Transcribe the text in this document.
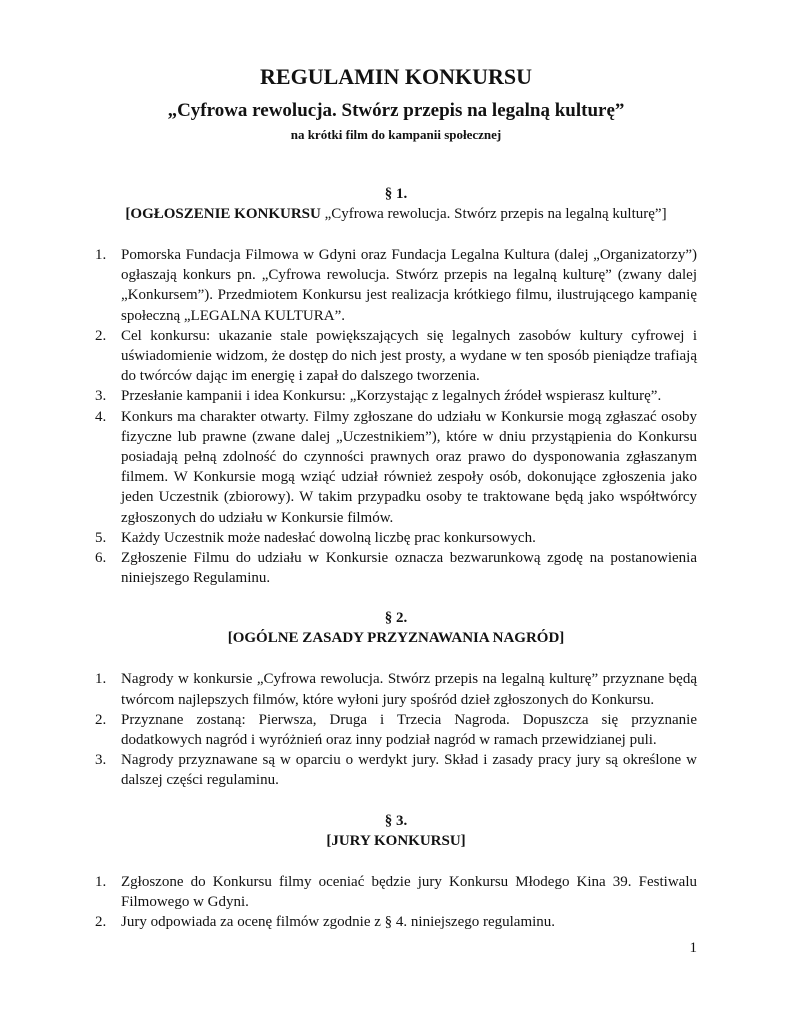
REGULAMIN KONKURSU
„Cyfrowa rewolucja. Stwórz przepis na legalną kulturę”
na krótki film do kampanii społecznej
§ 1.
[OGŁOSZENIE KONKURSU „Cyfrowa rewolucja. Stwórz przepis na legalną kulturę”]
1. Pomorska Fundacja Filmowa w Gdyni oraz Fundacja Legalna Kultura (dalej „Organizatorzy”) ogłaszają konkurs pn. „Cyfrowa rewolucja. Stwórz przepis na legalną kulturę” (zwany dalej „Konkursem”). Przedmiotem Konkursu jest realizacja krótkiego filmu, ilustrującego kampanię społeczną „LEGALNA KULTURA”.
2. Cel konkursu: ukazanie stale powiększających się legalnych zasobów kultury cyfrowej i uświadomienie widzom, że dostęp do nich jest prosty, a wydane w ten sposób pieniądze trafiają do twórców dając im energię i zapał do dalszego tworzenia.
3. Przesłanie kampanii i idea Konkursu: „Korzystając z legalnych źródeł wspierasz kulturę”.
4. Konkurs ma charakter otwarty. Filmy zgłoszane do udziału w Konkursie mogą zgłaszać osoby fizyczne lub prawne (zwane dalej „Uczestnikiem”), które w dniu przystąpienia do Konkursu posiadają pełną zdolność do czynności prawnych oraz prawo do dysponowania zgłaszanym filmem. W Konkursie mogą wziąć udział również zespoły osób, dokonujące zgłoszenia jako jeden Uczestnik (zbiorowy). W takim przypadku osoby te traktowane będą jako współtwórcy zgłoszonych do udziału w Konkursie filmów.
5. Każdy Uczestnik może nadesłać dowolną liczbę prac konkursowych.
6. Zgłoszenie Filmu do udziału w Konkursie oznacza bezwarunkową zgodę na postanowienia niniejszego Regulaminu.
§ 2.
[OGÓLNE ZASADY PRZYZNAWANIA NAGRÓD]
1. Nagrody w konkursie „Cyfrowa rewolucja. Stwórz przepis na legalną kulturę” przyznane będą twórcom najlepszych filmów, które wyłoni jury spośród dzieł zgłoszonych do Konkursu.
2. Przyznane zostaną: Pierwsza, Druga i Trzecia Nagroda. Dopuszcza się przyznanie dodatkowych nagród i wyróżnień oraz inny podział nagród w ramach przewidzianej puli.
3. Nagrody przyznawane są w oparciu o werdykt jury. Skład i zasady pracy jury są określone w dalszej części regulaminu.
§ 3.
[JURY KONKURSU]
1. Zgłoszone do Konkursu filmy oceniać będzie jury Konkursu Młodego Kina 39. Festiwalu Filmowego w Gdyni.
2. Jury odpowiada za ocenę filmów zgodnie z § 4. niniejszego regulaminu.
1
